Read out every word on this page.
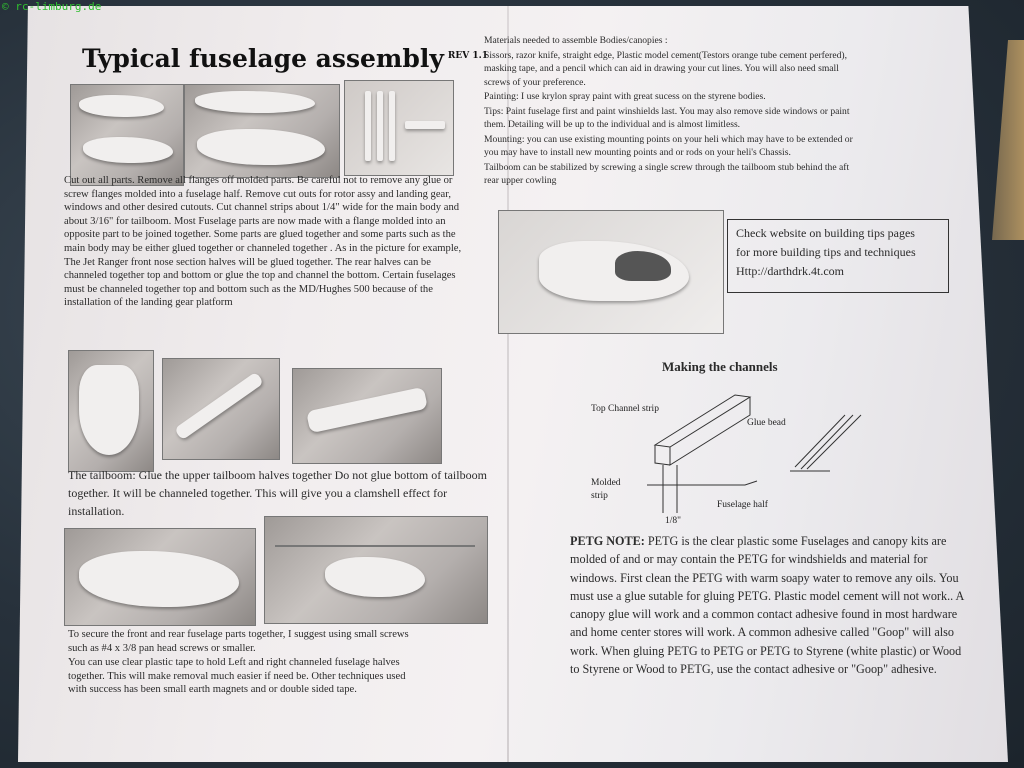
© rc-limburg.de
Typical fuselage assembly $^{REV 1.1}$

Cut out all parts. Remove all flanges off molded parts. Be careful not to remove any glue or screw flanges molded into a fuselage half. Remove cut outs for rotor assy and landing gear, windows and other desired cutouts. Cut channel strips about 1/4" wide for the main body and about 3/16" for tailboom. Most Fuselage parts are now made with a flange molded into an opposite part to be joined together. Some parts are glued together and some parts such as the main body may be either glued together or channeled together . As in the picture for example, The Jet Ranger front nose section halves will be glued together. The rear halves can be channeled together top and bottom or glue the top and channel the bottom. Certain fuselages must be channeled together top and bottom such as the MD/Hughes 500 because of the installation of the landing gear platform

The tailboom: Glue the upper tailboom halves together Do not glue bottom of tailboom together. It will be channeled together. This will give you a clamshell effect for installation.

To secure the front and rear fuselage parts together, I suggest using small screws such as #4 x 3/8 pan head screws or smaller.

You can use clear plastic tape to hold Left and right channeled fuselage halves together. This will make removal much easier if need be. Other techniques used with success has been small earth magnets and or double sided tape.

Materials needed to assemble Bodies/canopies :

Sissors, razor knife, straight edge, Plastic model cement(Testors orange tube cement perfered), masking tape, and a pencil which can aid in drawing your cut lines. You will also need small screws of your preference.

Painting: I use krylon spray paint with great sucess on the styrene bodies.

Tips: Paint fuselage first and paint winshields last. You may also remove side windows or paint them. Detailing will be up to the individual and is almost limitless.

Mounting: you can use existing mounting points on your heli which may have to be extended or you may have to install new mounting points and or rods on your heli's Chassis.

Tailboom can be stabilized by screwing a single screw through the tailboom stub behind the aft rear upper cowling

Check website on building tips pages
for more building tips and techniques
Http://darthdrk.4t.com
Making the channels
Top Channel strip
Glue bead
Molded
strip
Fuselage half
1/8"
PETG NOTE: PETG is the clear plastic some Fuselages and canopy kits are molded of and or may contain the PETG for windshields and material for windows. First clean the PETG with warm soapy water to remove any oils. You must use a glue sutable for gluing PETG. Plastic model cement will not work.. A canopy glue will work and a common contact adhesive found in most hardware and home center stores will work. A common adhesive called "Goop" will also work. When gluing PETG to PETG or PETG to Styrene (white plastic) or Wood to Styrene or Wood to PETG, use the contact adhesive or "Goop" adhesive.
